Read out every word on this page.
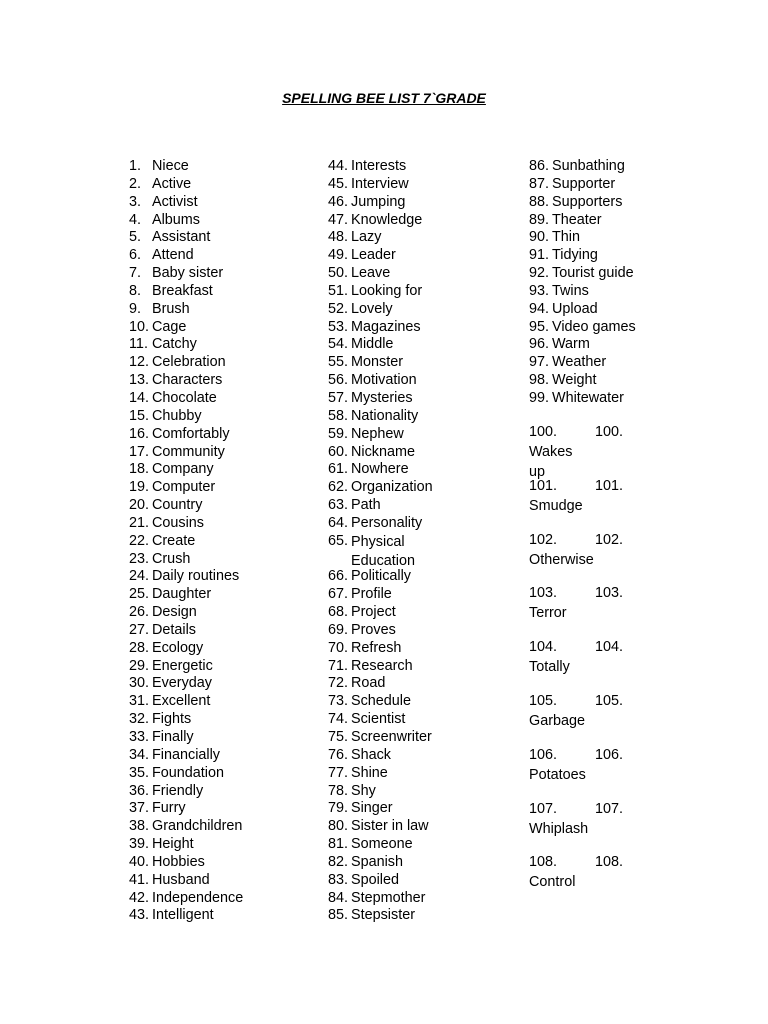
SPELLING BEE LIST 7`GRADE
1. Niece
2. Active
3. Activist
4. Albums
5. Assistant
6. Attend
7. Baby sister
8. Breakfast
9. Brush
10. Cage
11. Catchy
12. Celebration
13. Characters
14. Chocolate
15. Chubby
16. Comfortably
17. Community
18. Company
19. Computer
20. Country
21. Cousins
22. Create
23. Crush
24. Daily routines
25. Daughter
26. Design
27. Details
28. Ecology
29. Energetic
30. Everyday
31. Excellent
32. Fights
33. Finally
34. Financially
35. Foundation
36. Friendly
37. Furry
38. Grandchildren
39. Height
40. Hobbies
41. Husband
42. Independence
43. Intelligent
44. Interests
45. Interview
46. Jumping
47. Knowledge
48. Lazy
49. Leader
50. Leave
51. Looking for
52. Lovely
53. Magazines
54. Middle
55. Monster
56. Motivation
57. Mysteries
58. Nationality
59. Nephew
60. Nickname
61. Nowhere
62. Organization
63. Path
64. Personality
65. Physical Education
66. Politically
67. Profile
68. Project
69. Proves
70. Refresh
71. Research
72. Road
73. Schedule
74. Scientist
75. Screenwriter
76. Shack
77. Shine
78. Shy
79. Singer
80. Sister in law
81. Someone
82. Spanish
83. Spoiled
84. Stepmother
85. Stepsister
86. Sunbathing
87. Supporter
88. Supporters
89. Theater
90. Thin
91. Tidying
92. Tourist guide
93. Twins
94. Upload
95. Video games
96. Warm
97. Weather
98. Weight
99. Whitewater
100.	100.
Wakes up
101.	101.
Smudge
102.	102.
Otherwise
103.	103.
Terror
104.	104.
Totally
105.	105.
Garbage
106.	106.
Potatoes
107.	107.
Whiplash
108.	108.
Control
